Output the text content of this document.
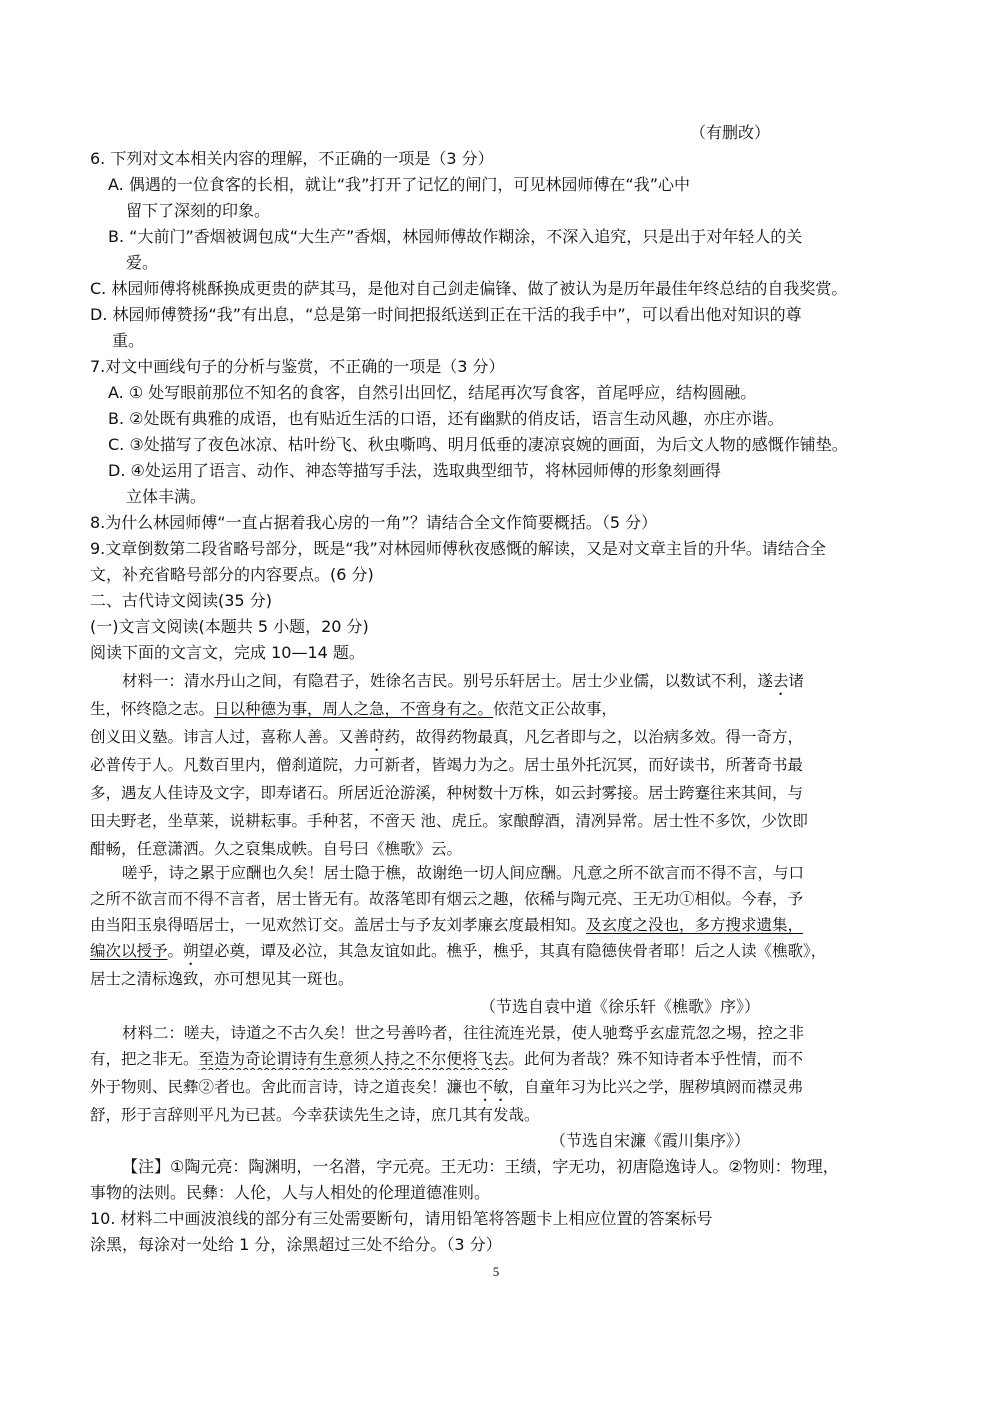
（有删改）
6. 下列对文本相关内容的理解，不正确的一项是（3 分）
A. 偶遇的一位食客的长相，就让“我”打开了记忆的闸门，可见林园师傅在“我”心中
留下了深刻的印象。
B. “大前门”香烟被调包成“大生产”香烟，林园师傅故作糊涂，不深入追究，只是出于对年轻人的关
爱。
C. 林园师傅将桃酥换成更贵的萨其马，是他对自己剑走偏锋、做了被认为是历年最佳年终总结的自我奖赏。
D. 林园师傅赞扬“我”有出息，“总是第一时间把报纸送到正在干活的我手中”，可以看出他对知识的尊
重。
7.对文中画线句子的分析与鉴赏，不正确的一项是（3 分）
A. ① 处写眼前那位不知名的食客，自然引出回忆，结尾再次写食客，首尾呼应，结构圆融。
B. ②处既有典雅的成语，也有贴近生活的口语，还有幽默的俏皮话，语言生动风趣，亦庄亦谐。
C. ③处描写了夜色冰凉、枯叶纷飞、秋虫嘶鸣、明月低垂的凄凉哀婉的画面，为后文人物的感慨作铺垫。
D. ④处运用了语言、动作、神态等描写手法，选取典型细节，将林园师傅的形象刻画得
立体丰满。
8.为什么林园师傅“一直占据着我心房的一角”？请结合全文作简要概括。（5 分）
9.文章倒数第二段省略号部分，既是“我”对林园师傅秋夜感慨的解读，又是对文章主旨的升华。请结合全
文，补充省略号部分的内容要点。(6 分)
二、古代诗文阅读(35 分)
(一)文言文阅读(本题共 5 小题，20 分)
阅读下面的文言文，完成 10—14 题。
材料一：清水丹山之间，有隐君子，姓徐名吉民。别号乐轩居士。居士少业儒，以数试不利，遂去诸
生，怀终隐之志。日以种德为事，周人之急，不啻身有之。依范文正公故事，
创义田义塾。讳言人过，喜称人善。又善莳药，故得药物最真，凡乞者即与之，以治病多效。得一奇方，
必普传于人。凡数百里内，僧刹道院，力可新者，皆竭力为之。居士虽外托沉冥，而好读书，所著奇书最
多，遇友人佳诗及文字，即寿诸石。所居近沧游溪，种树数十万株，如云封雾接。居士跨蹇往来其间，与
田夫野老，坐草莱，说耕耘事。手种茗，不啻天 池、虎丘。家酿醇酒，清冽异常。居士性不多饮，少饮即
酣畅，任意潇洒。久之裒集成帙。自号曰《樵歌》云。
嗟乎，诗之累于应酬也久矣！居士隐于樵，故谢绝一切人间应酬。凡意之所不欲言而不得不言，与口
之所不欲言而不得不言者，居士皆无有。故落笔即有烟云之趣，依稀与陶元亮、王无功①相似。今春，予
由当阳玉泉得晤居士，一见欢然订交。盖居士与予友刘孝廉玄度最相知。及玄度之没也，多方搜求遗集，
编次以授予。朔望必奠，谭及必泣，其急友谊如此。樵乎，樵乎，其真有隐德侠骨者耶！后之人读《樵歌》，
居士之清标逸致，亦可想见其一斑也。
（节选自袁中道《徐乐轩《樵歌》序》）
材料二：嗟夫，诗道之不古久矣！世之号善吟者，往往流连光景，使人驰骛乎玄虚荒忽之埸，控之非
有，把之非无。至造为奇论谓诗有生意须人持之不尔便将飞去。此何为者哉？殊不知诗者本乎性情，而不
外于物则、民彝②者也。舍此而言诗，诗之道丧矣！濂也不敏，自童年习为比兴之学，腥秽填阏而襟灵弗
舒，形于言辞则平凡为已甚。今幸获读先生之诗，庶几其有发哉。
（节选自宋濂《霞川集序》）
【注】①陶元亮：陶渊明，一名潜，字元亮。王无功：王绩，字无功，初唐隐逸诗人。②物则：物理，
事物的法则。民彝：人伦，人与人相处的伦理道德准则。
10. 材料二中画波浪线的部分有三处需要断句，请用铅笔将答题卡上相应位置的答案标号
涂黑，每涂对一处给 1 分，涂黑超过三处不给分。（3 分）
5
